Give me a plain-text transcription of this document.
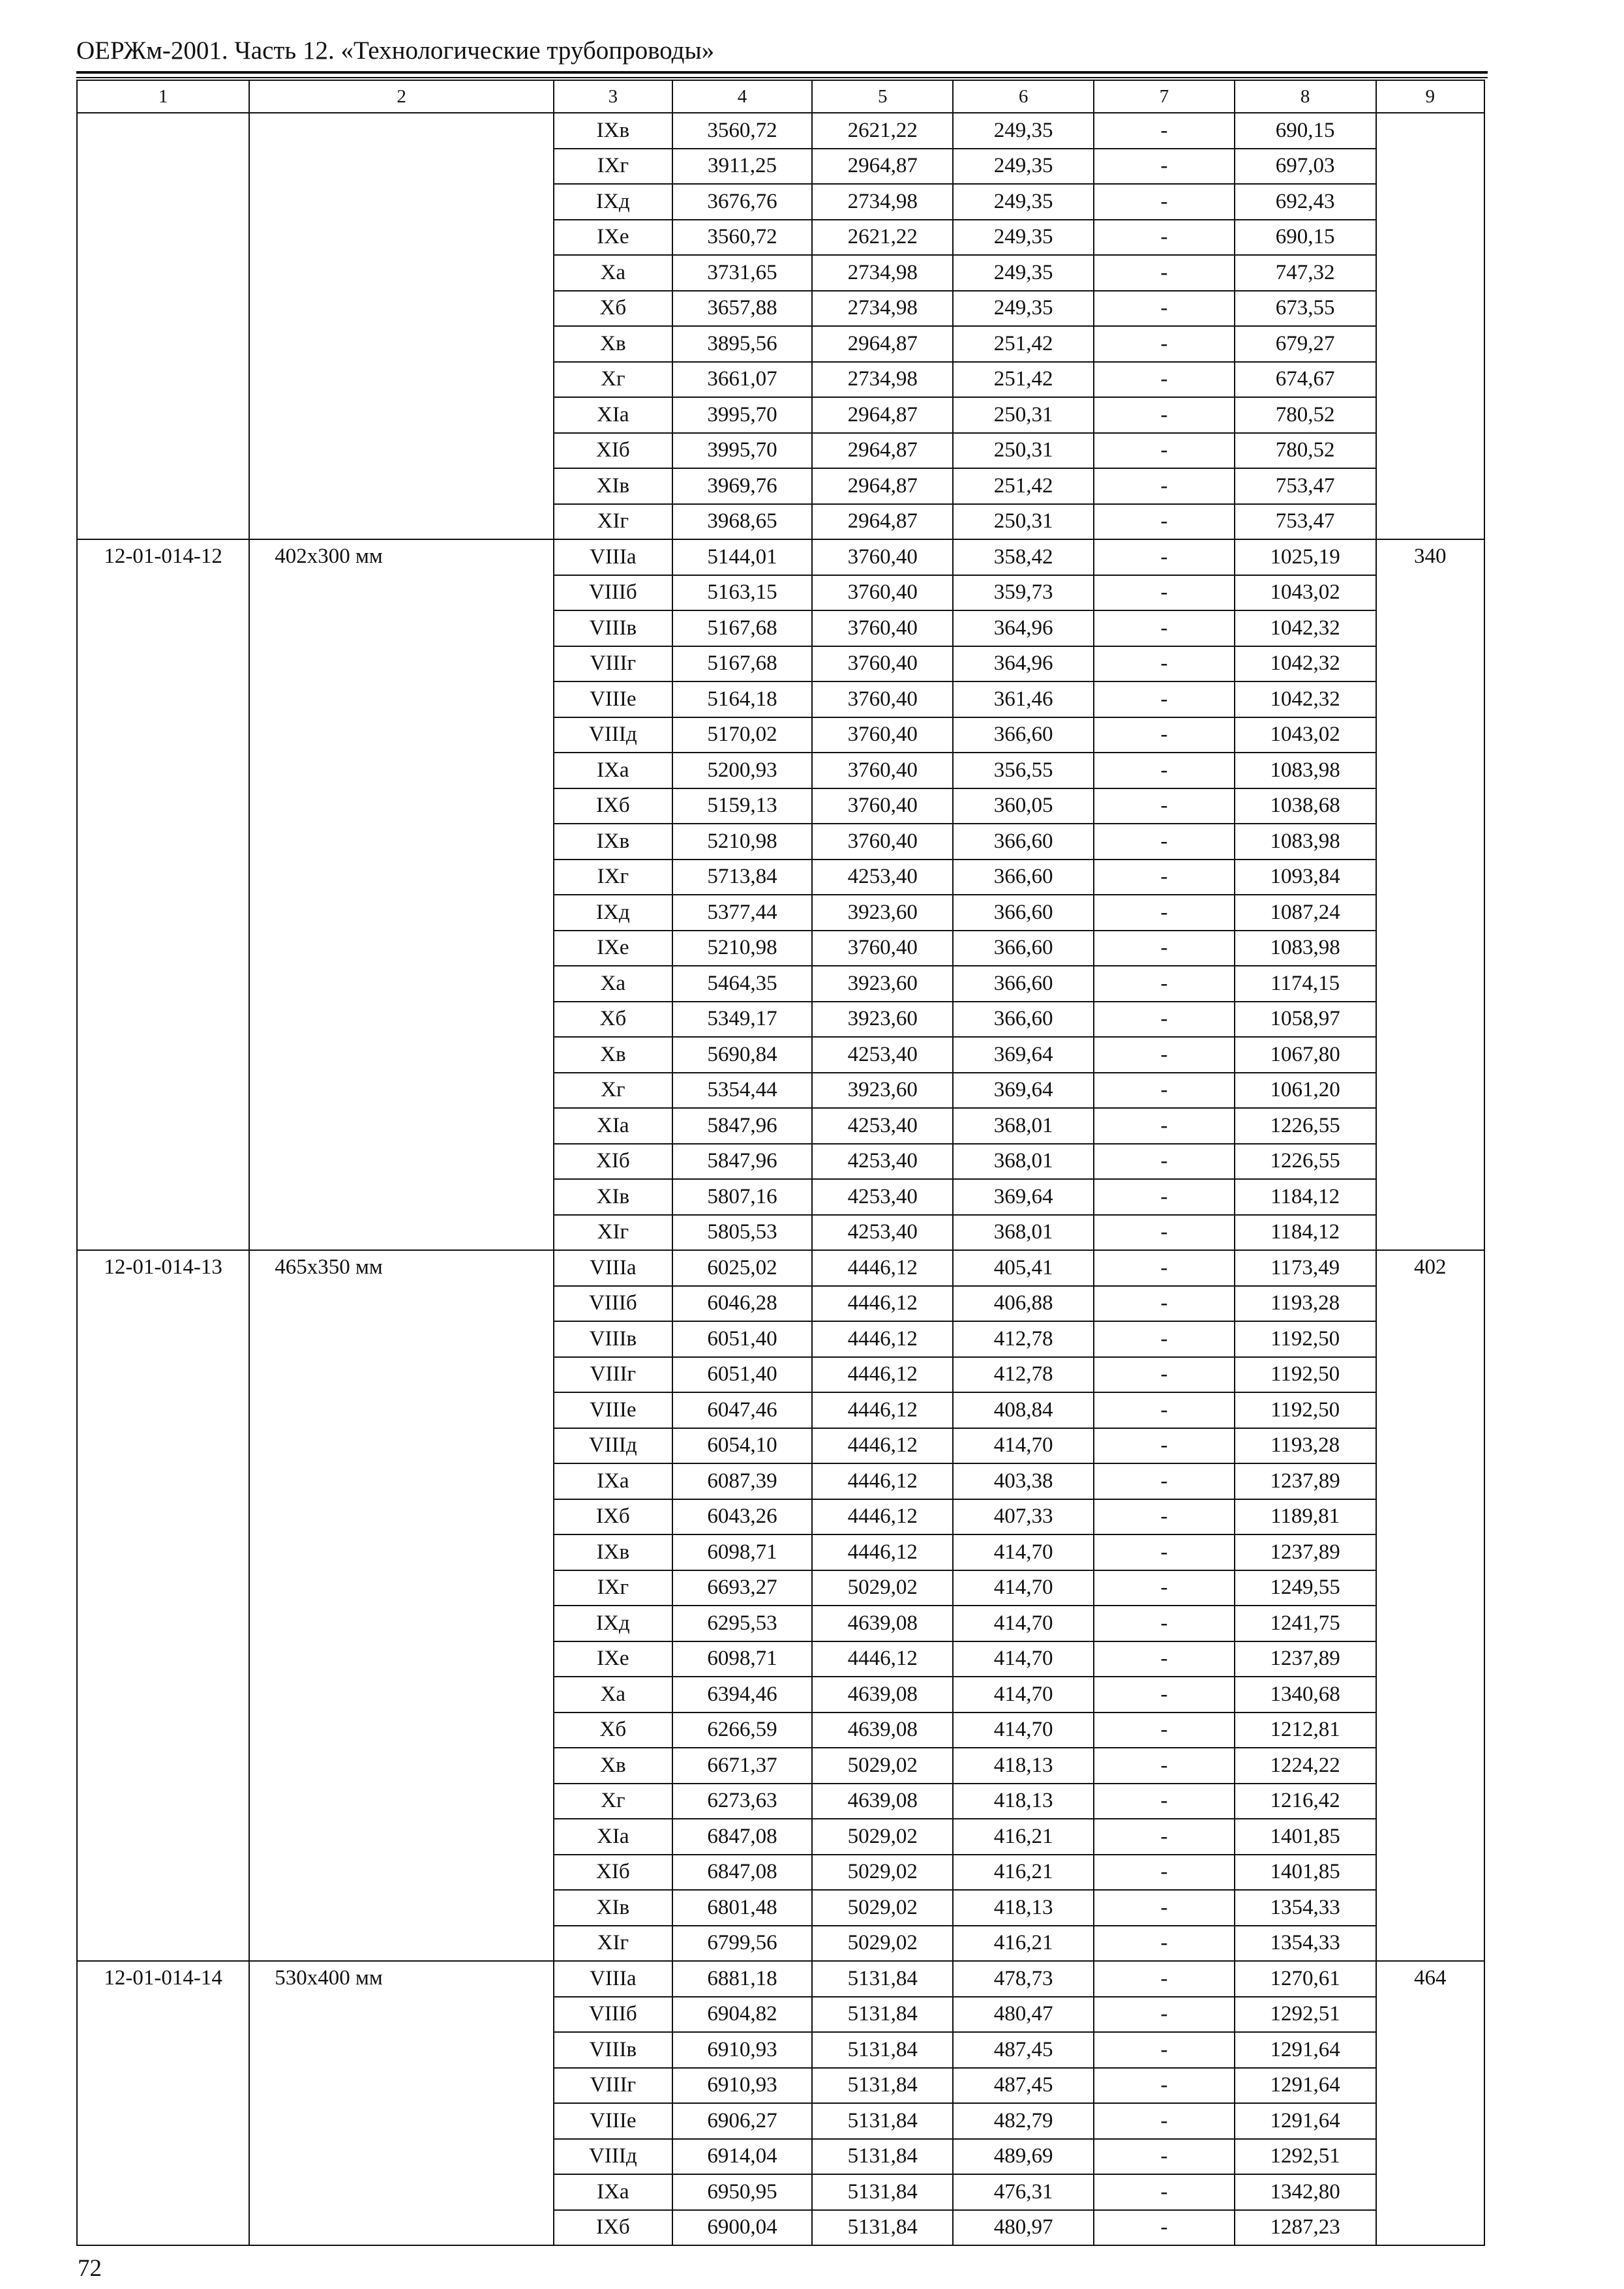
ОЕРЖм-2001. Часть 12. «Технологические трубопроводы»
1	2	3	4	5	6	7	8	9
		IXв	3560,72	2621,22	249,35	-	690,15	
		IXг	3911,25	2964,87	249,35	-	697,03	
		IXд	3676,76	2734,98	249,35	-	692,43	
		IXе	3560,72	2621,22	249,35	-	690,15	
		Xа	3731,65	2734,98	249,35	-	747,32	
		Xб	3657,88	2734,98	249,35	-	673,55	
		Xв	3895,56	2964,87	251,42	-	679,27	
		Xг	3661,07	2734,98	251,42	-	674,67	
		XIа	3995,70	2964,87	250,31	-	780,52	
		XIб	3995,70	2964,87	250,31	-	780,52	
		XIв	3969,76	2964,87	251,42	-	753,47	
		XIг	3968,65	2964,87	250,31	-	753,47	
12-01-014-12	402х300 мм	VIIIа	5144,01	3760,40	358,42	-	1025,19	340
		VIIIб	5163,15	3760,40	359,73	-	1043,02	
		VIIIв	5167,68	3760,40	364,96	-	1042,32	
		VIIIг	5167,68	3760,40	364,96	-	1042,32	
		VIIIе	5164,18	3760,40	361,46	-	1042,32	
		VIIIд	5170,02	3760,40	366,60	-	1043,02	
		IXа	5200,93	3760,40	356,55	-	1083,98	
		IXб	5159,13	3760,40	360,05	-	1038,68	
		IXв	5210,98	3760,40	366,60	-	1083,98	
		IXг	5713,84	4253,40	366,60	-	1093,84	
		IXд	5377,44	3923,60	366,60	-	1087,24	
		IXе	5210,98	3760,40	366,60	-	1083,98	
		Xа	5464,35	3923,60	366,60	-	1174,15	
		Xб	5349,17	3923,60	366,60	-	1058,97	
		Xв	5690,84	4253,40	369,64	-	1067,80	
		Xг	5354,44	3923,60	369,64	-	1061,20	
		XIа	5847,96	4253,40	368,01	-	1226,55	
		XIб	5847,96	4253,40	368,01	-	1226,55	
		XIв	5807,16	4253,40	369,64	-	1184,12	
		XIг	5805,53	4253,40	368,01	-	1184,12	
12-01-014-13	465х350 мм	VIIIа	6025,02	4446,12	405,41	-	1173,49	402
		VIIIб	6046,28	4446,12	406,88	-	1193,28	
		VIIIв	6051,40	4446,12	412,78	-	1192,50	
		VIIIг	6051,40	4446,12	412,78	-	1192,50	
		VIIIе	6047,46	4446,12	408,84	-	1192,50	
		VIIIд	6054,10	4446,12	414,70	-	1193,28	
		IXа	6087,39	4446,12	403,38	-	1237,89	
		IXб	6043,26	4446,12	407,33	-	1189,81	
		IXв	6098,71	4446,12	414,70	-	1237,89	
		IXг	6693,27	5029,02	414,70	-	1249,55	
		IXд	6295,53	4639,08	414,70	-	1241,75	
		IXе	6098,71	4446,12	414,70	-	1237,89	
		Xа	6394,46	4639,08	414,70	-	1340,68	
		Xб	6266,59	4639,08	414,70	-	1212,81	
		Xв	6671,37	5029,02	418,13	-	1224,22	
		Xг	6273,63	4639,08	418,13	-	1216,42	
		XIа	6847,08	5029,02	416,21	-	1401,85	
		XIб	6847,08	5029,02	416,21	-	1401,85	
		XIв	6801,48	5029,02	418,13	-	1354,33	
		XIг	6799,56	5029,02	416,21	-	1354,33	
12-01-014-14	530х400 мм	VIIIа	6881,18	5131,84	478,73	-	1270,61	464
		VIIIб	6904,82	5131,84	480,47	-	1292,51	
		VIIIв	6910,93	5131,84	487,45	-	1291,64	
		VIIIг	6910,93	5131,84	487,45	-	1291,64	
		VIIIе	6906,27	5131,84	482,79	-	1291,64	
		VIIIд	6914,04	5131,84	489,69	-	1292,51	
		IXа	6950,95	5131,84	476,31	-	1342,80	
		IXб	6900,04	5131,84	480,97	-	1287,23	
72
